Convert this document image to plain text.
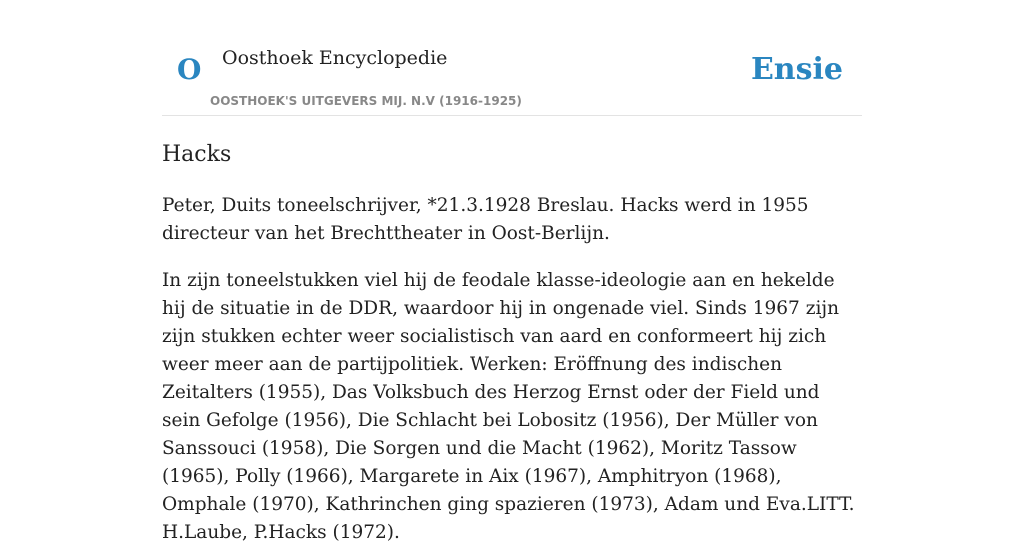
O Oosthoek Encyclopedie
OOSTHOEK'S UITGEVERS MIJ. N.V (1916-1925)
Ensie
Hacks

Peter, Duits toneelschrijver, *21.3.1928 Breslau. Hacks werd in 1955 directeur van het Brechttheater in Oost-Berlijn.

In zijn toneelstukken viel hij de feodale klasse-ideologie aan en hekelde hij de situatie in de DDR, waardoor hij in ongenade viel. Sinds 1967 zijn zijn stukken echter weer socialistisch van aard en conformeert hij zich weer meer aan de partijpolitiek. Werken: Eröffnung des indischen Zeitalters (1955), Das Volksbuch des Herzog Ernst oder der Field und sein Gefolge (1956), Die Schlacht bei Lobositz (1956), Der Müller von Sanssouci (1958), Die Sorgen und die Macht (1962), Moritz Tassow (1965), Polly (1966), Margarete in Aix (1967), Amphitryon (1968), Omphale (1970), Kathrinchen ging spazieren (1973), Adam und Eva.LITT. H.Laube, P.Hacks (1972).
